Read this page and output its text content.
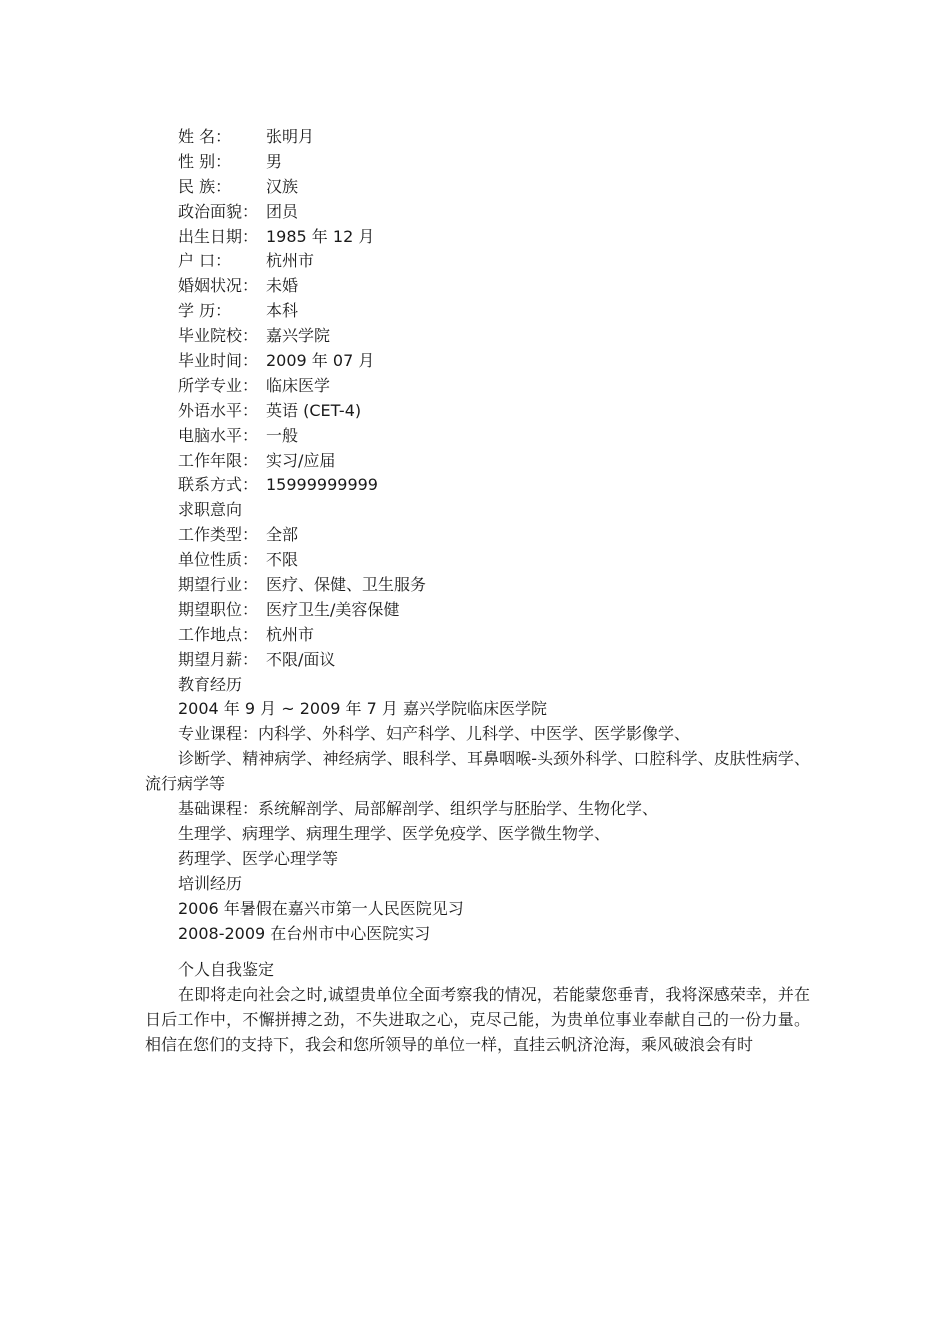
姓 名： 张明月
性 别： 男
民 族： 汉族
政治面貌： 团员
出生日期： 1985 年 12 月
户 口： 杭州市
婚姻状况： 未婚
学 历： 本科
毕业院校： 嘉兴学院
毕业时间： 2009 年 07 月
所学专业： 临床医学
外语水平： 英语 (CET-4)
电脑水平： 一般
工作年限： 实习/应届
联系方式： 15999999999
求职意向
工作类型： 全部
单位性质： 不限
期望行业： 医疗、保健、卫生服务
期望职位： 医疗卫生/美容保健
工作地点： 杭州市
期望月薪： 不限/面议
教育经历
2004 年 9 月 ~ 2009 年 7 月 嘉兴学院临床医学院
专业课程：内科学、外科学、妇产科学、儿科学、中医学、医学影像学、
诊断学、精神病学、神经病学、眼科学、耳鼻咽喉-头颈外科学、口腔科学、皮肤性病学、流行病学等
基础课程：系统解剖学、局部解剖学、组织学与胚胎学、生物化学、
生理学、病理学、病理生理学、医学免疫学、医学微生物学、
药理学、医学心理学等
培训经历
2006 年暑假在嘉兴市第一人民医院见习
2008-2009 在台州市中心医院实习
个人自我鉴定
在即将走向社会之时,诚望贵单位全面考察我的情况，若能蒙您垂青，我将深感荣幸，并在日后工作中，不懈拼搏之劲，不失进取之心，克尽己能，为贵单位事业奉献自己的一份力量。相信在您们的支持下，我会和您所领导的单位一样，直挂云帆济沧海，乘风破浪会有时
